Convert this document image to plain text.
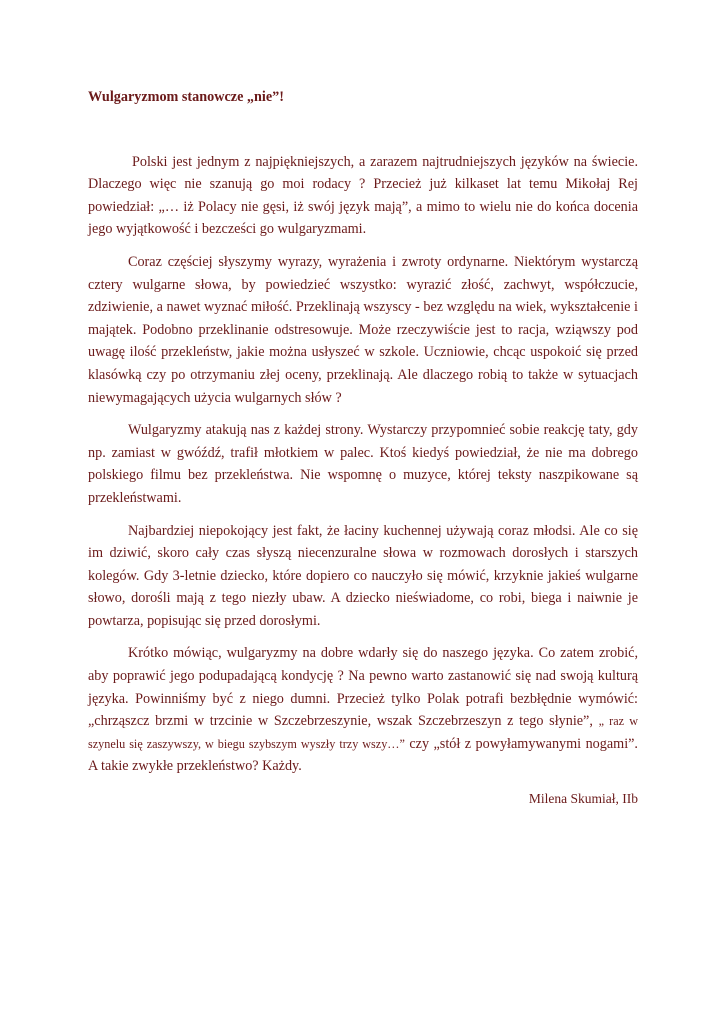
Wulgaryzmom stanowcze „nie”!

Polski jest jednym z najpiękniejszych, a zarazem najtrudniejszych języków na świecie. Dlaczego więc nie szanują go moi rodacy ? Przecież już kilkaset lat temu Mikołaj Rej powiedział: „… iż Polacy nie gęsi, iż swój język mają”, a mimo to wielu nie do końca docenia jego wyjątkowość i bezcześci go wulgaryzmami.

Coraz częściej słyszymy wyrazy, wyrażenia i zwroty ordynarne. Niektórym wystarczą cztery wulgarne słowa, by powiedzieć wszystko: wyrazić złość, zachwyt, współczucie, zdziwienie, a nawet wyznać miłość. Przeklinają wszyscy - bez względu na wiek, wykształcenie i majątek. Podobno przeklinanie odstresowuje. Może rzeczywiście jest to racja, wziąwszy pod uwagę ilość przekleństw, jakie można usłyszeć w szkole. Uczniowie, chcąc uspokoić się przed klasówką czy po otrzymaniu złej oceny, przeklinają. Ale dlaczego robią to także w sytuacjach niewymagających użycia wulgarnych słów ?

Wulgaryzmy atakują nas z każdej strony. Wystarczy przypomnieć sobie reakcję taty, gdy np. zamiast w gwóźdź, trafił młotkiem w palec. Ktoś kiedyś powiedział, że nie ma dobrego polskiego filmu bez przekleństwa. Nie wspomnę o muzyce, której teksty naszpikowane są przekleństwami.

Najbardziej niepokojący jest fakt, że łaciny kuchennej używają coraz młodsi. Ale co się im dziwić, skoro cały czas słyszą niecenzuralne słowa w rozmowach dorosłych i starszych kolegów. Gdy 3-letnie dziecko, które dopiero co nauczyło się mówić, krzyknie jakieś wulgarne słowo, dorośli mają z tego niezły ubaw. A dziecko nieświadome, co robi, biega i naiwnie je powtarza, popisując się przed dorosłymi.

Krótko mówiąc, wulgaryzmy na dobre wdarły się do naszego języka. Co zatem zrobić, aby poprawić jego podupadającą kondycję ? Na pewno warto zastanowić się nad swoją kulturą języka. Powinniśmy być z niego dumni. Przecież tylko Polak potrafi bezbłędnie wymówić: „chrząszcz brzmi w trzcinie w Szczebrzeszynie, wszak Szczebrzeszyn z tego słynie”, „ raz w szynelu się zaszywszy, w biegu szybszym wyszły trzy wszy…” czy „stół z powyłamywanymi nogami”. A takie zwykłe przekleństwo? Każdy.

Milena Skumiał, IIb
